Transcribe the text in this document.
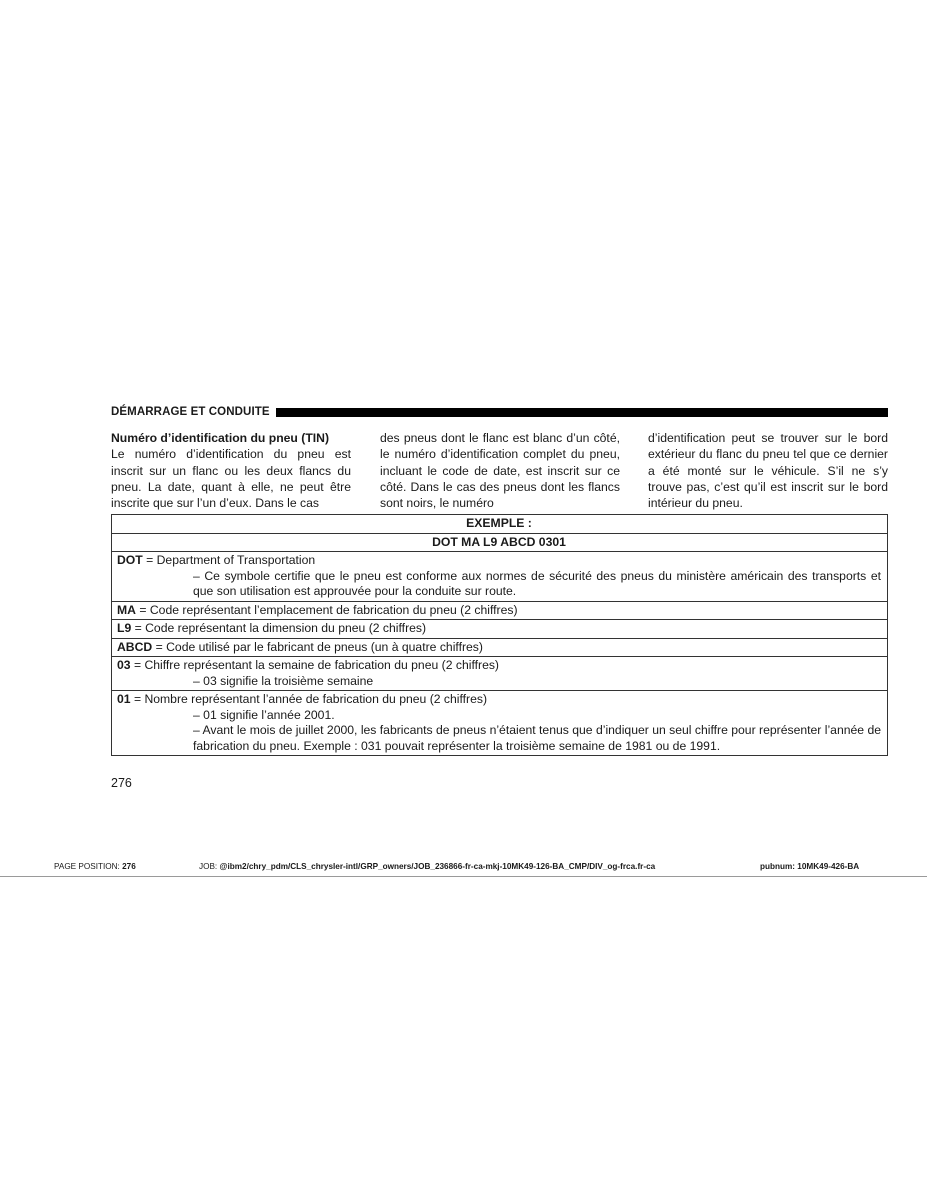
DÉMARRAGE ET CONDUITE

Numéro d’identification du pneu (TIN)
Le numéro d’identification du pneu est inscrit sur un flanc ou les deux flancs du pneu. La date, quant à elle, ne peut être inscrite que sur l’un d’eux. Dans le cas

des pneus dont le flanc est blanc d’un côté, le numéro d’identification complet du pneu, incluant le code de date, est inscrit sur ce côté. Dans le cas des pneus dont les flancs sont noirs, le numéro

d’identification peut se trouver sur le bord extérieur du flanc du pneu tel que ce dernier a été monté sur le véhicule. S’il ne s’y trouve pas, c’est qu’il est inscrit sur le bord intérieur du pneu.

EXEMPLE :
DOT MA L9 ABCD 0301

DOT = Department of Transportation
– Ce symbole certifie que le pneu est conforme aux normes de sécurité des pneus du ministère américain des transports et que son utilisation est approuvée pour la conduite sur route.

MA = Code représentant l’emplacement de fabrication du pneu (2 chiffres)
L9 = Code représentant la dimension du pneu (2 chiffres)
ABCD = Code utilisé par le fabricant de pneus (un à quatre chiffres)

03 = Chiffre représentant la semaine de fabrication du pneu (2 chiffres)
– 03 signifie la troisième semaine

01 = Nombre représentant l’année de fabrication du pneu (2 chiffres)
– 01 signifie l’année 2001.
– Avant le mois de juillet 2000, les fabricants de pneus n’étaient tenus que d’indiquer un seul chiffre pour représenter l’année de fabrication du pneu. Exemple : 031 pouvait représenter la troisième semaine de 1981 ou de 1991.
276
PAGE POSITION: 276	JOB: @ibm2/chry_pdm/CLS_chrysler-intl/GRP_owners/JOB_236866-fr-ca-mkj-10MK49-126-BA_CMP/DIV_og-frca.fr-ca	pubnum: 10MK49-426-BA
